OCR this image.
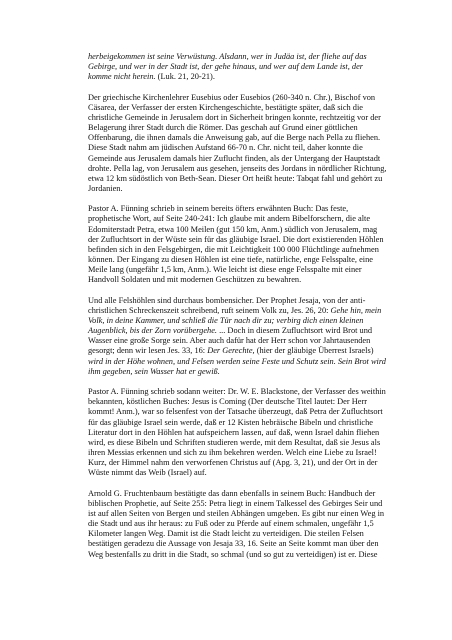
herbeigekommen ist seine Verwüstung. Alsdann, wer in Judäa ist, der fliehe auf das Gebirge, und wer in der Stadt ist, der gehe hinaus, und wer auf dem Lande ist, der komme nicht herein. (Luk. 21, 20-21).

Der griechische Kirchenlehrer Eusebius oder Eusebios (260-340 n. Chr.), Bischof von Cäsarea, der Verfasser der ersten Kirchengeschichte, bestätigte später, daß sich die christliche Gemeinde in Jerusalem dort in Sicherheit bringen konnte, rechtzeitig vor der Belagerung ihrer Stadt durch die Römer. Das geschah auf Grund einer göttlichen Offenbarung, die ihnen damals die Anweisung gab, auf die Berge nach Pella zu fliehen. Diese Stadt nahm am jüdischen Aufstand 66-70 n. Chr. nicht teil, daher konnte die Gemeinde aus Jerusalem damals hier Zuflucht finden, als der Untergang der Hauptstadt drohte. Pella lag, von Jerusalem aus gesehen, jenseits des Jordans in nördlicher Richtung, etwa 12 km südöstlich von Beth-Sean. Dieser Ort heißt heute: Tabqat fahl und gehört zu Jordanien.

Pastor A. Fünning schrieb in seinem bereits öfters erwähnten Buch: Das feste, prophetische Wort, auf Seite 240-241: Ich glaube mit andern Bibelforschern, die alte Edomiterstadt Petra, etwa 100 Meilen (gut 150 km, Anm.) südlich von Jerusalem, mag der Zufluchtsort in der Wüste sein für das gläubige Israel. Die dort existierenden Höhlen befinden sich in den Felsgebirgen, die mit Leichtigkeit 100 000 Flüchtlinge aufnehmen können. Der Eingang zu diesen Höhlen ist eine tiefe, natürliche, enge Felsspalte, eine Meile lang (ungefähr 1,5 km, Anm.). Wie leicht ist diese enge Felsspalte mit einer Handvoll Soldaten und mit modernen Geschützen zu bewahren.

Und alle Felshöhlen sind durchaus bombensicher. Der Prophet Jesaja, von der anti-christlichen Schreckenszeit schreibend, ruft seinem Volk zu, Jes. 26, 20: Gehe hin, mein Volk, in deine Kammer, und schließ die Tür nach dir zu; verbirg dich einen kleinen Augenblick, bis der Zorn vorübergehe. ... Doch in diesem Zufluchtsort wird Brot und Wasser eine große Sorge sein. Aber auch dafür hat der Herr schon vor Jahrtausenden gesorgt; denn wir lesen Jes. 33, 16: Der Gerechte, (hier der gläubige Überrest Israels) wird in der Höhe wohnen, und Felsen werden seine Feste und Schutz sein. Sein Brot wird ihm gegeben, sein Wasser hat er gewiß.

Pastor A. Fünning schrieb sodann weiter: Dr. W. E. Blackstone, der Verfasser des weithin bekannten, köstlichen Buches: Jesus is Coming (Der deutsche Titel lautet: Der Herr kommt! Anm.), war so felsenfest von der Tatsache überzeugt, daß Petra der Zufluchtsort für das gläubige Israel sein werde, daß er 12 Kisten hebräische Bibeln und christliche Literatur dort in den Höhlen hat aufspeichern lassen, auf daß, wenn Israel dahin fliehen wird, es diese Bibeln und Schriften studieren werde, mit dem Resultat, daß sie Jesus als ihren Messias erkennen und sich zu ihm bekehren werden. Welch eine Liebe zu Israel! Kurz, der Himmel nahm den verworfenen Christus auf (Apg. 3, 21), und der Ort in der Wüste nimmt das Weib (Israel) auf.

Arnold G. Fruchtenbaum bestätigte das dann ebenfalls in seinem Buch: Handbuch der biblischen Prophetie, auf Seite 255: Petra liegt in einem Talkessel des Gebirges Seir und ist auf allen Seiten von Bergen und steilen Abhängen umgeben. Es gibt nur einen Weg in die Stadt und aus ihr heraus: zu Fuß oder zu Pferde auf einem schmalen, ungefähr 1,5 Kilometer langen Weg. Damit ist die Stadt leicht zu verteidigen. Die steilen Felsen bestätigen geradezu die Aussage von Jesaja 33, 16. Seite an Seite kommt man über den Weg bestenfalls zu dritt in die Stadt, so schmal (und so gut zu verteidigen) ist er. Diese
